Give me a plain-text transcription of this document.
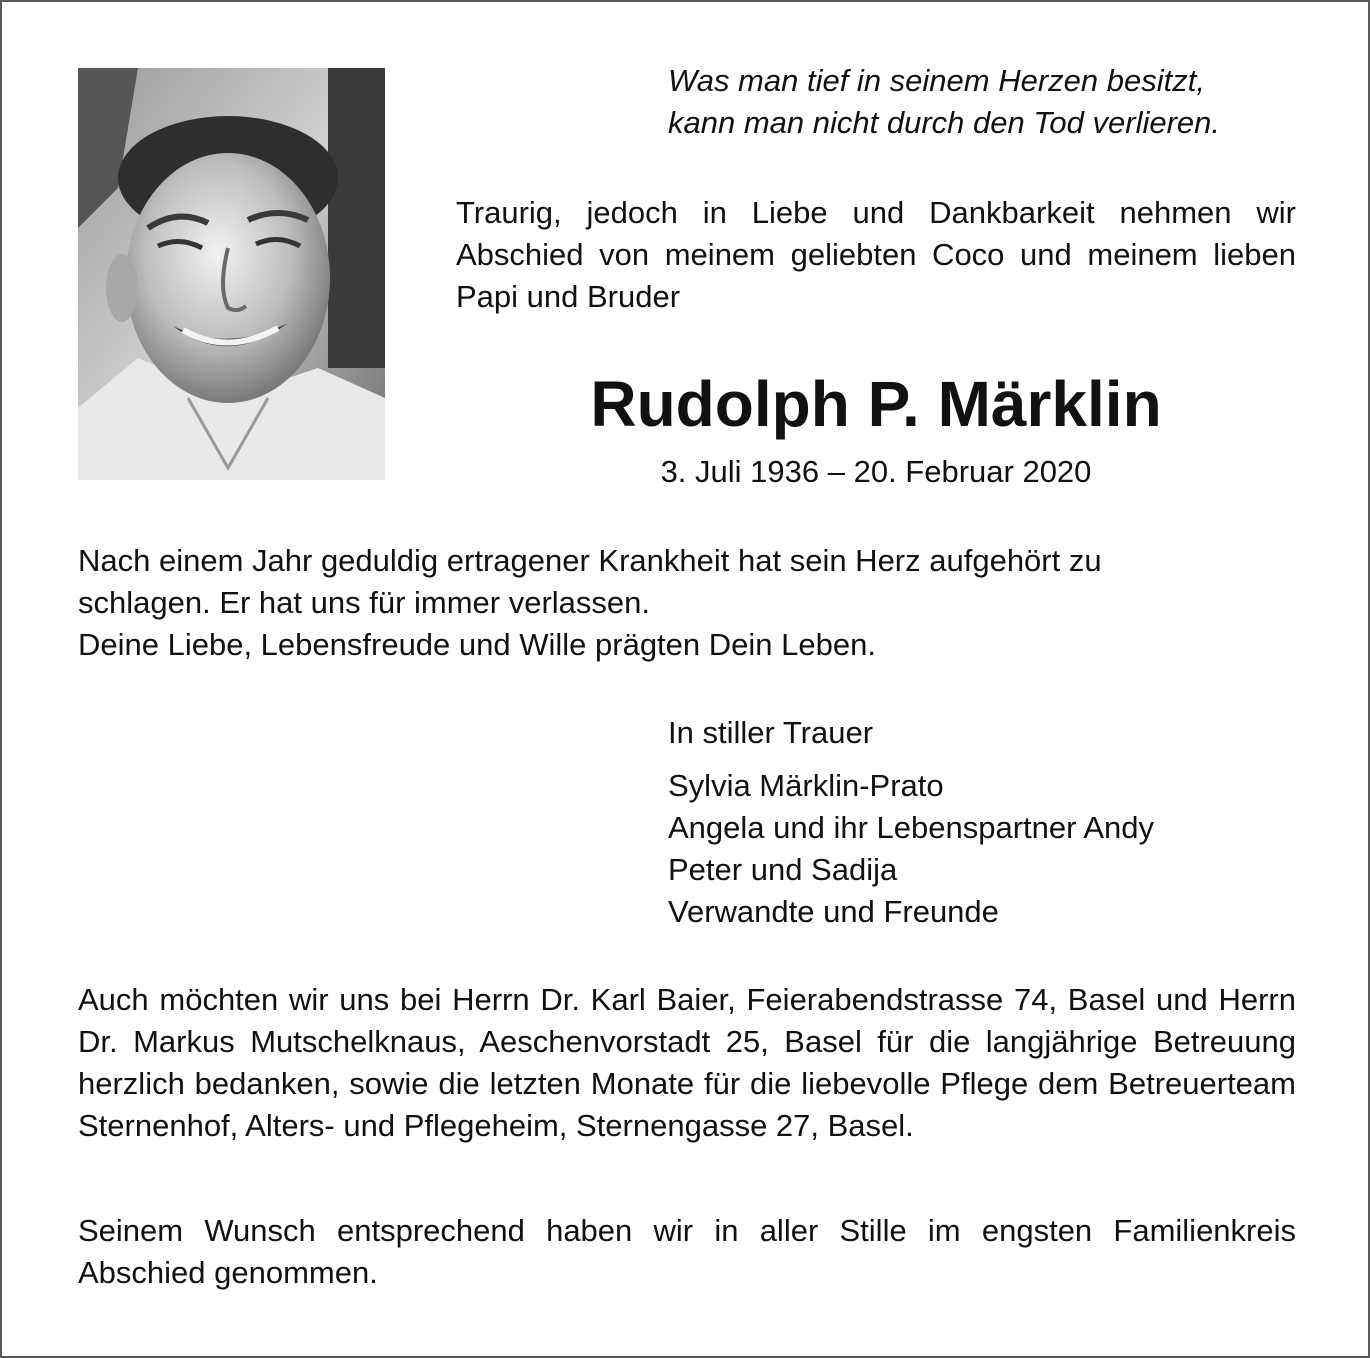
Was man tief in seinem Herzen besitzt,
kann man nicht durch den Tod verlieren.

Traurig, jedoch in Liebe und Dankbarkeit nehmen wir Abschied von meinem geliebten Coco und meinem lieben Papi und Bruder

Rudolph P. Märklin

3. Juli 1936 – 20. Februar 2020

Nach einem Jahr geduldig ertragener Krankheit hat sein Herz aufgehört zu
schlagen. Er hat uns für immer verlassen.
Deine Liebe, Lebensfreude und Wille prägten Dein Leben.

In stiller Trauer

Sylvia Märklin-Prato
Angela und ihr Lebenspartner Andy
Peter und Sadija
Verwandte und Freunde

Auch möchten wir uns bei Herrn Dr. Karl Baier, Feierabendstrasse 74, Basel und Herrn Dr. Markus Mutschelknaus, Aeschenvorstadt 25, Basel für die langjährige Betreuung herzlich bedanken, sowie die letzten Monate für die liebevolle Pflege dem Betreuerteam Sternenhof, Alters- und Pflegeheim, Sternengasse 27, Basel.

Seinem Wunsch entsprechend haben wir in aller Stille im engsten Familienkreis Abschied genommen.
